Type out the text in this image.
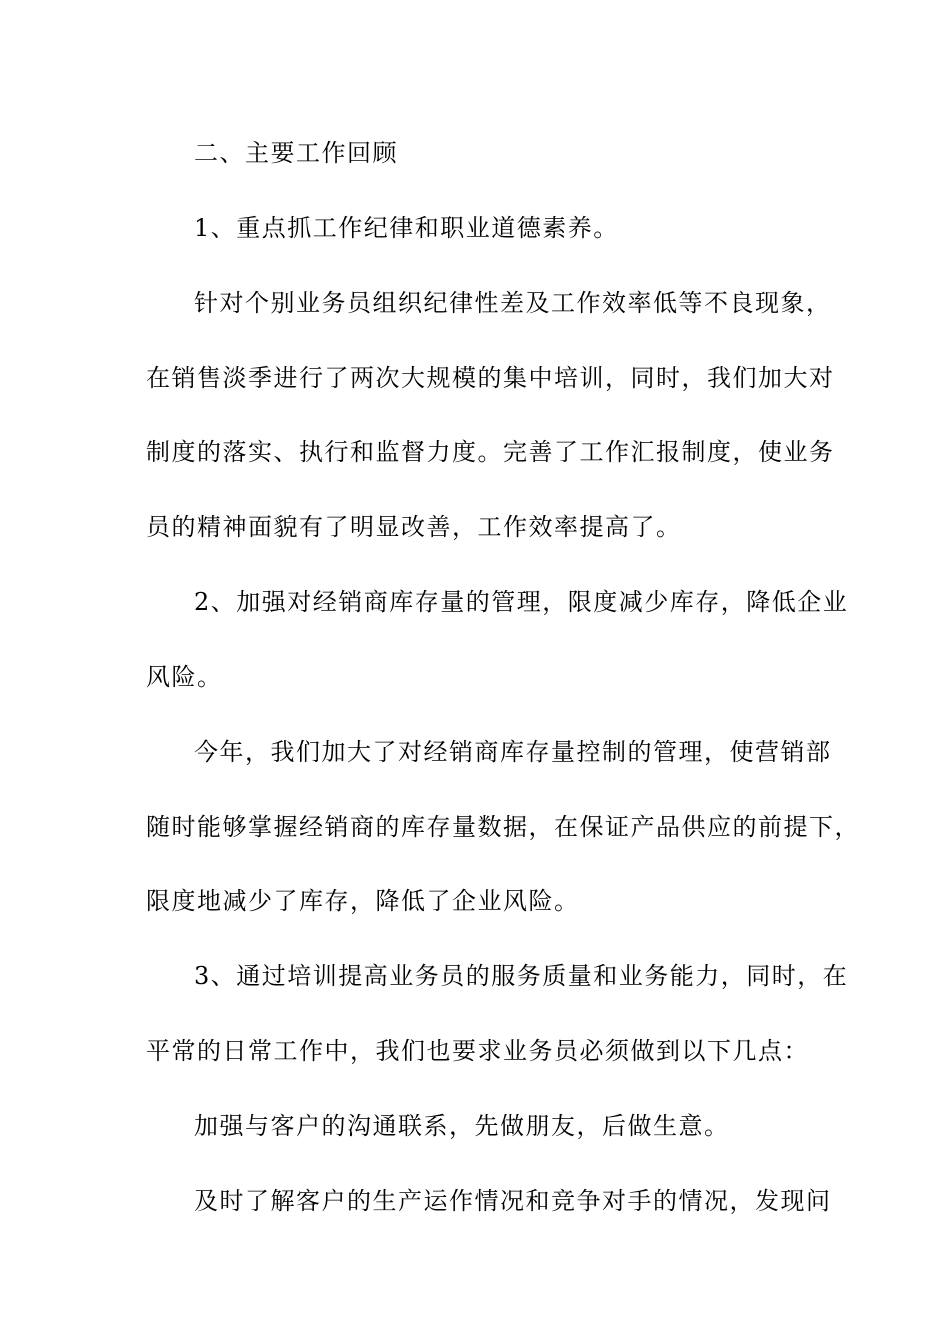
二、主要工作回顾
1、重点抓工作纪律和职业道德素养。
针对个别业务员组织纪律性差及工作效率低等不良现象，
在销售淡季进行了两次大规模的集中培训，同时，我们加大对
制度的落实、执行和监督力度。完善了工作汇报制度，使业务
员的精神面貌有了明显改善，工作效率提高了。
2、加强对经销商库存量的管理，限度减少库存，降低企业
风险。
今年，我们加大了对经销商库存量控制的管理，使营销部
随时能够掌握经销商的库存量数据，在保证产品供应的前提下，
限度地减少了库存，降低了企业风险。
3、通过培训提高业务员的服务质量和业务能力，同时，在
平常的日常工作中，我们也要求业务员必须做到以下几点：
加强与客户的沟通联系，先做朋友，后做生意。
及时了解客户的生产运作情况和竞争对手的情况，发现问
